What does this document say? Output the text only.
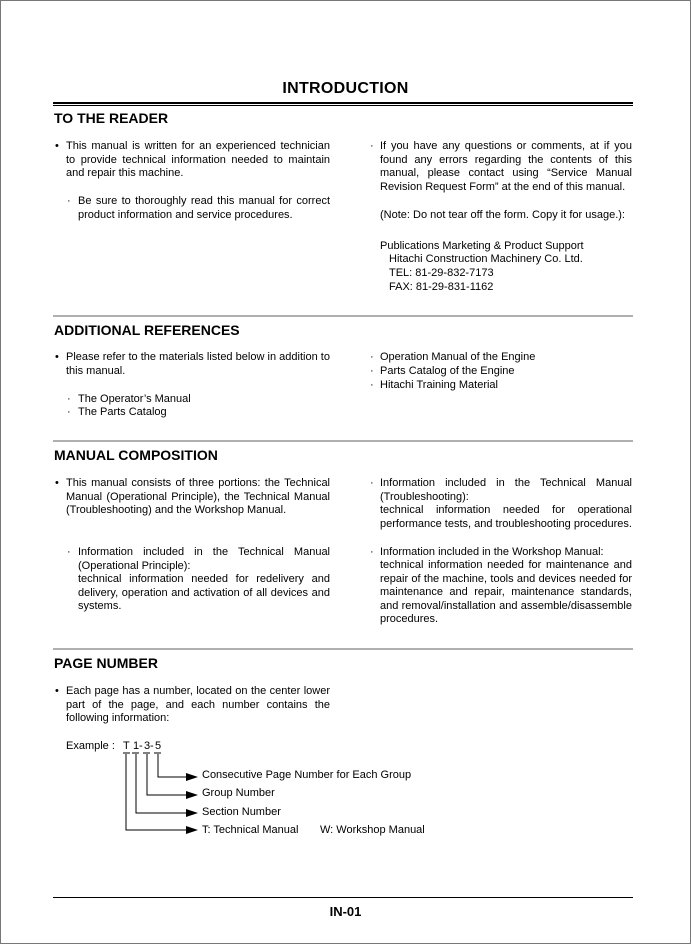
INTRODUCTION
TO THE READER
• This manual is written for an experienced technician to provide technical information needed to maintain and repair this machine.
· Be sure to thoroughly read this manual for correct product information and service procedures.
· If you have any questions or comments, at if you found any errors regarding the contents of this manual, please contact using “Service Manual Revision Request Form” at the end of this manual.
(Note: Do not tear off the form. Copy it for usage.):
Publications Marketing & Product Support
Hitachi Construction Machinery Co. Ltd.
TEL: 81-29-832-7173
FAX: 81-29-831-1162
ADDITIONAL REFERENCES
• Please refer to the materials listed below in addition to this manual.
· The Operator’s Manual
· The Parts Catalog
· Operation Manual of the Engine
· Parts Catalog of the Engine
· Hitachi Training Material
MANUAL COMPOSITION
• This manual consists of three portions: the Technical Manual (Operational Principle), the Technical Manual (Troubleshooting) and the Workshop Manual.
· Information included in the Technical Manual (Operational Principle):
technical information needed for redelivery and delivery, operation and activation of all devices and systems.
· Information included in the Technical Manual (Troubleshooting):
technical information needed for operational performance tests, and troubleshooting procedures.
· Information included in the Workshop Manual:
technical information needed for maintenance and repair of the machine, tools and devices needed for maintenance and repair, maintenance standards, and removal/installation and assemble/disassemble procedures.
PAGE NUMBER
• Each page has a number, located on the center lower part of the page, and each number contains the following information:
Example : T 1 - 3 - 5
Consecutive Page Number for Each Group
Group Number
Section Number
T: Technical Manual W: Workshop Manual
IN-01
